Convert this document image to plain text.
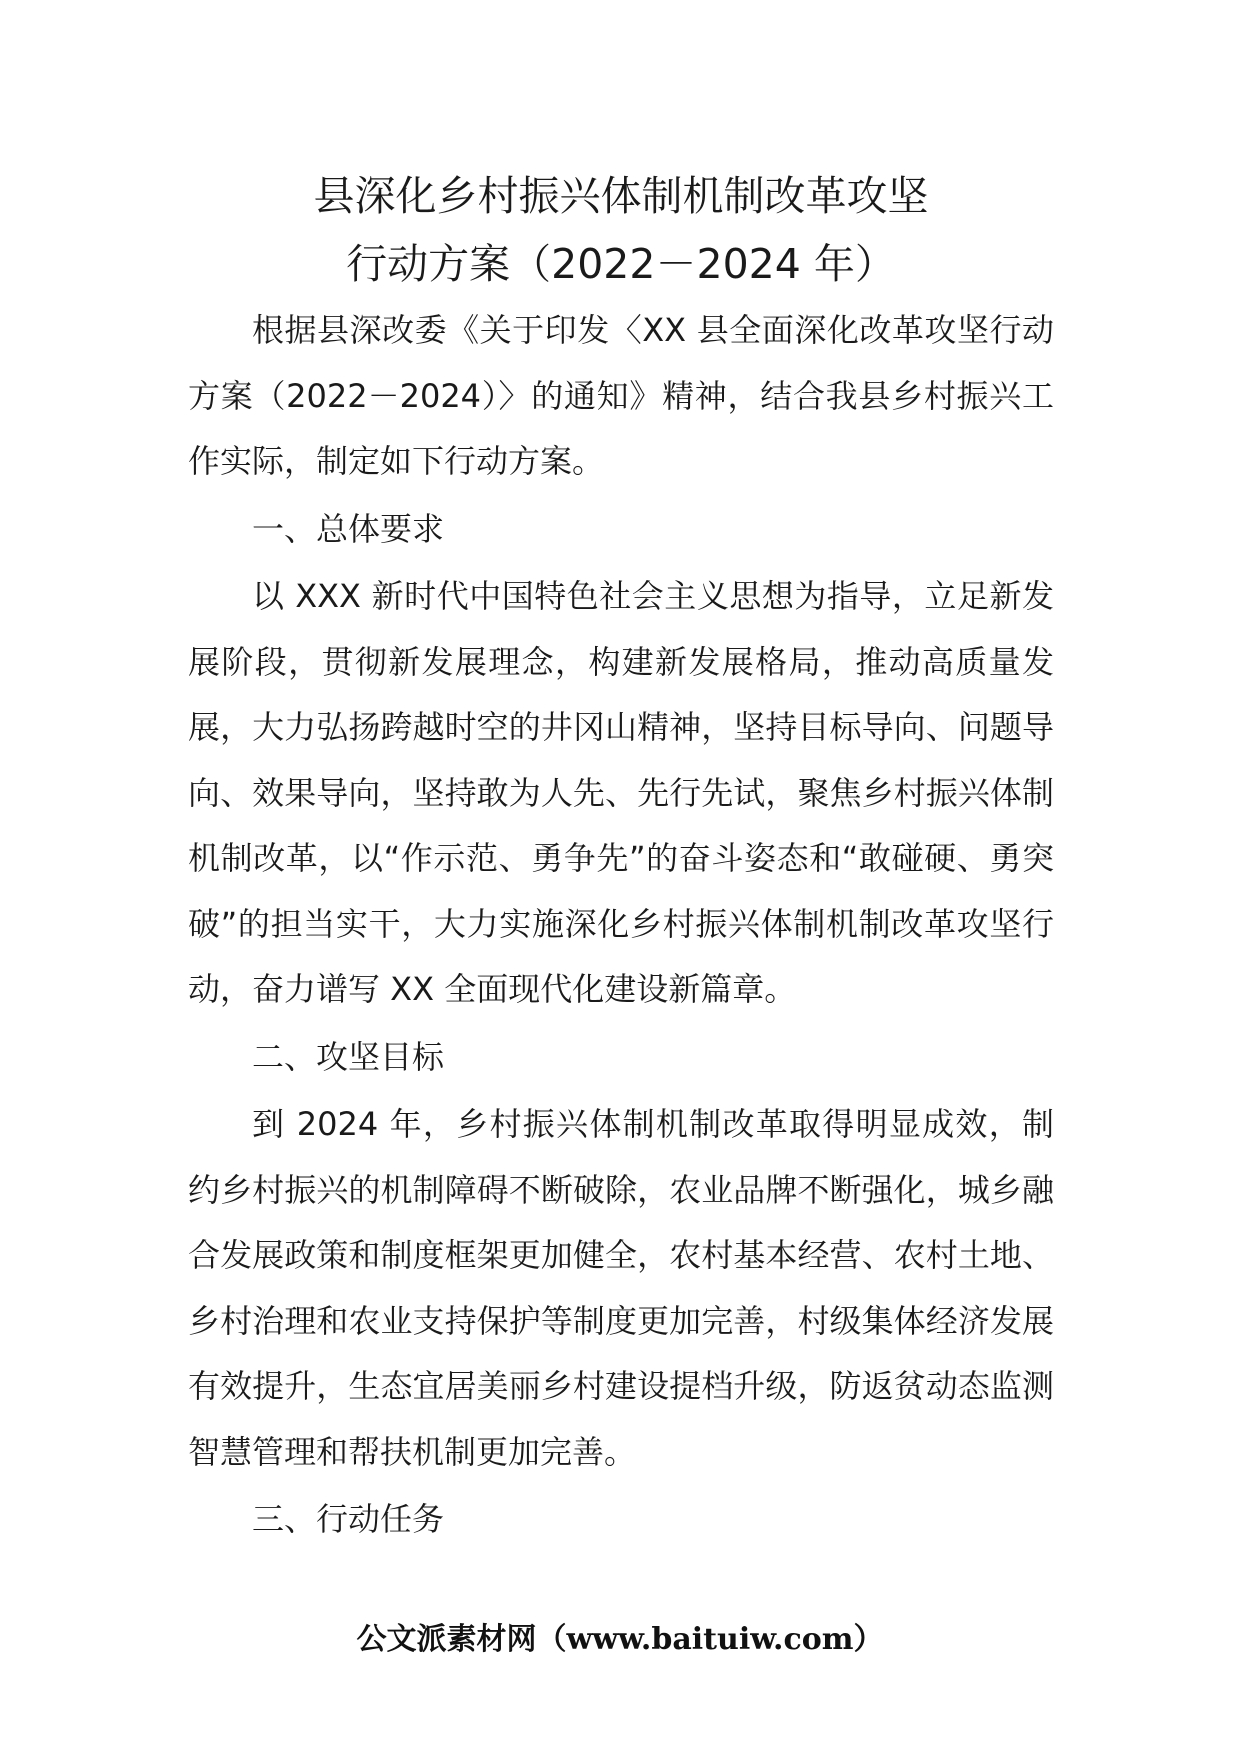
县深化乡村振兴体制机制改革攻坚
行动方案（2022－2024 年）

根据县深改委《关于印发〈XX 县全面深化改革攻坚行动方案（2022－2024）〉的通知》精神，结合我县乡村振兴工作实际，制定如下行动方案。

一、总体要求

以 XXX 新时代中国特色社会主义思想为指导，立足新发展阶段，贯彻新发展理念，构建新发展格局，推动高质量发展，大力弘扬跨越时空的井冈山精神，坚持目标导向、问题导向、效果导向，坚持敢为人先、先行先试，聚焦乡村振兴体制机制改革，以“作示范、勇争先”的奋斗姿态和“敢碰硬、勇突破”的担当实干，大力实施深化乡村振兴体制机制改革攻坚行动，奋力谱写 XX 全面现代化建设新篇章。

二、攻坚目标

到 2024 年，乡村振兴体制机制改革取得明显成效，制约乡村振兴的机制障碍不断破除，农业品牌不断强化，城乡融合发展政策和制度框架更加健全，农村基本经营、农村土地、乡村治理和农业支持保护等制度更加完善，村级集体经济发展有效提升，生态宜居美丽乡村建设提档升级，防返贫动态监测智慧管理和帮扶机制更加完善。

三、行动任务

公文派素材网（www.baituiw.com）
